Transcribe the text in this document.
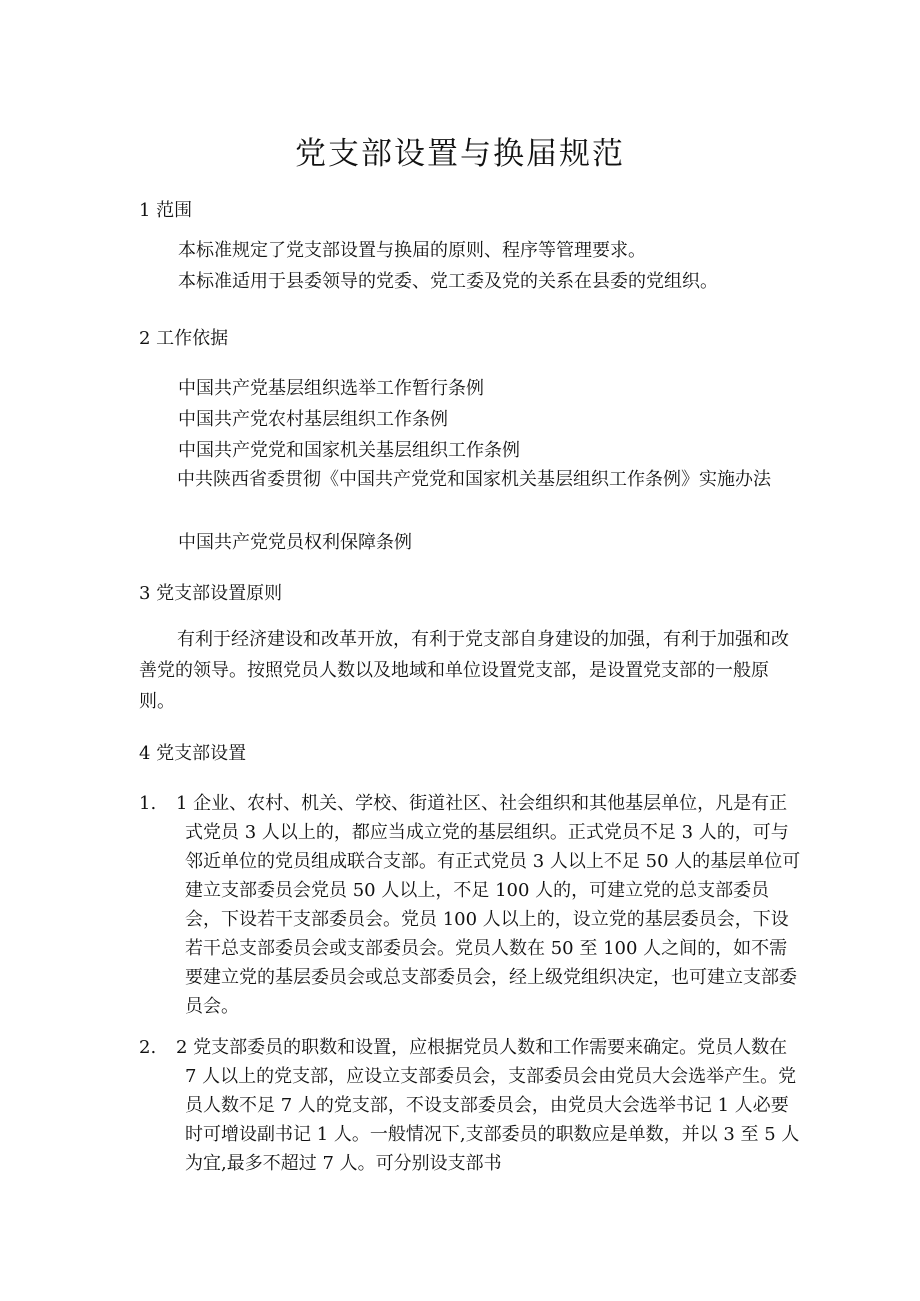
党支部设置与换届规范
1 范围
本标准规定了党支部设置与换届的原则、程序等管理要求。
本标准适用于县委领导的党委、党工委及党的关系在县委的党组织。
2 工作依据
中国共产党基层组织选举工作暂行条例
中国共产党农村基层组织工作条例
中国共产党党和国家机关基层组织工作条例
中共陕西省委贯彻《中国共产党党和国家机关基层组织工作条例》实施办法
中国共产党党员权利保障条例
3 党支部设置原则
有利于经济建设和改革开放，有利于党支部自身建设的加强，有利于加强和改善党的领导。按照党员人数以及地域和单位设置党支部，是设置党支部的一般原则。
4 党支部设置
1.	1 企业、农村、机关、学校、街道社区、社会组织和其他基层单位，凡是有正式党员 3 人以上的，都应当成立党的基层组织。正式党员不足 3 人的，可与邻近单位的党员组成联合支部。有正式党员 3 人以上不足 50 人的基层单位可建立支部委员会党员 50 人以上，不足 100 人的，可建立党的总支部委员会，下设若干支部委员会。党员 100 人以上的，设立党的基层委员会，下设若干总支部委员会或支部委员会。党员人数在 50 至 100 人之间的，如不需要建立党的基层委员会或总支部委员会，经上级党组织决定，也可建立支部委员会。
2.	2 党支部委员的职数和设置，应根据党员人数和工作需要来确定。党员人数在 7 人以上的党支部，应设立支部委员会，支部委员会由党员大会选举产生。党员人数不足 7 人的党支部，不设支部委员会，由党员大会选举书记 1 人必要时可增设副书记 1 人。一般情况下,支部委员的职数应是单数，并以 3 至 5 人为宜,最多不超过 7 人。可分别设支部书
